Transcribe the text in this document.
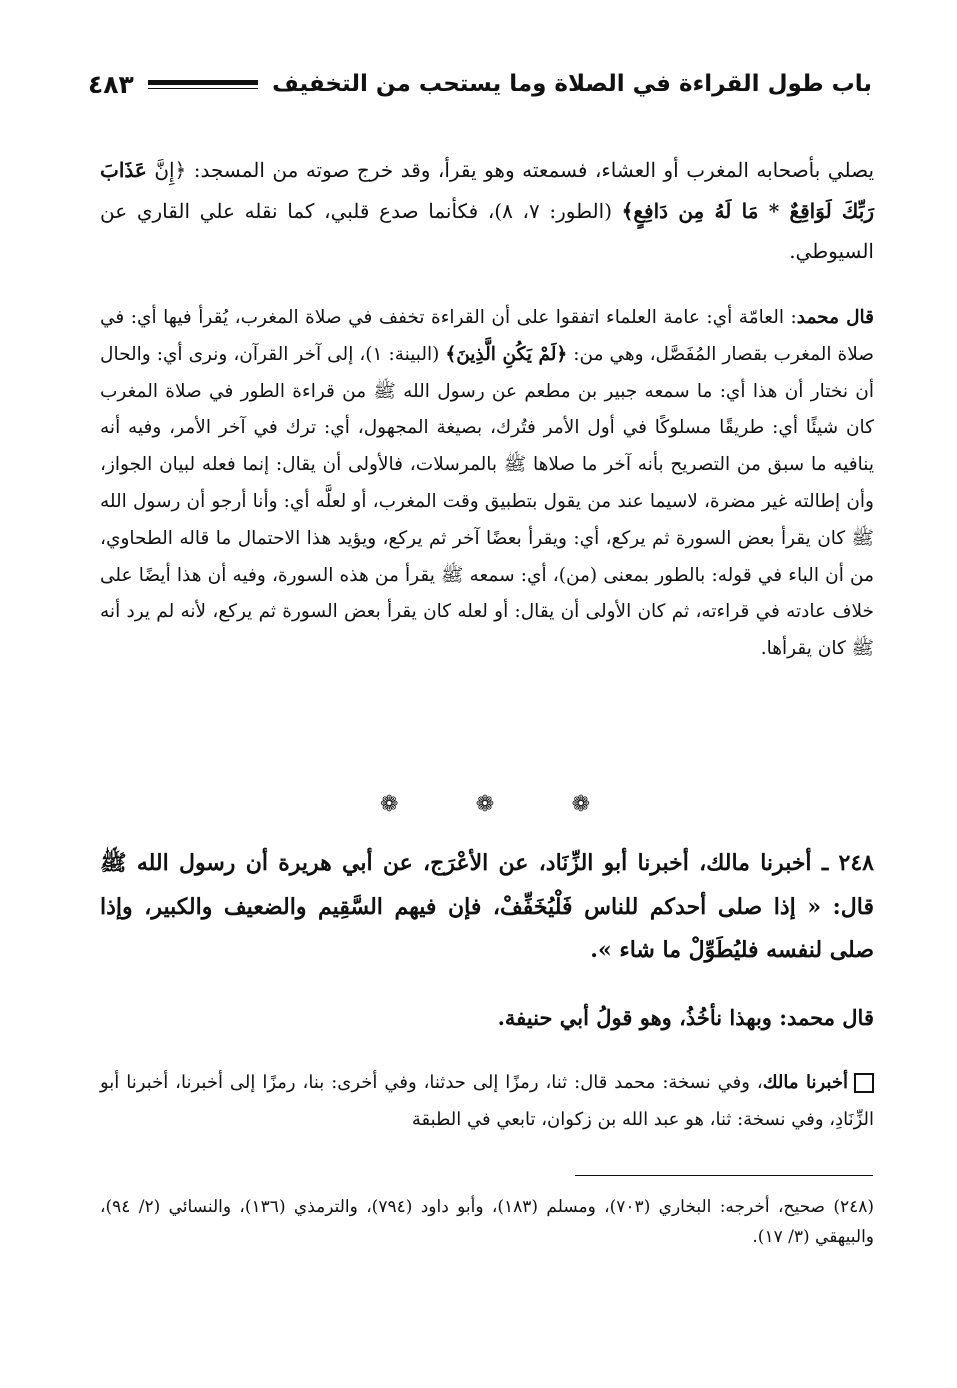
باب طول القراءة في الصلاة وما يستحب من التخفيف
٤٨٣
يصلي بأصحابه المغرب أو العشاء، فسمعته وهو يقرأ، وقد خرج صوته من المسجد: ﴿إِنَّ عَذَابَ رَبِّكَ لَوَاقِعٌ * مَا لَهُ مِن دَافِعٍ﴾ (الطور: ٧، ٨)، فكأنما صدع قلبي، كما نقله علي القاري عن السيوطي.
قال محمد: العامّة أي: عامة العلماء اتفقوا على أن القراءة تخفف في صلاة المغرب، يُقرأ فيها أي: في صلاة المغرب بقصار المُفَصَّل، وهي من: ﴿لَمْ يَكُنِ الَّذِينَ﴾ (البينة: ١)، إلى آخر القرآن، ونرى أي: والحال أن نختار أن هذا أي: ما سمعه جبير بن مطعم عن رسول الله ﷺ من قراءة الطور في صلاة المغرب كان شيئًا أي: طريقًا مسلوكًا في أول الأمر فتُرك، بصيغة المجهول، أي: ترك في آخر الأمر، وفيه أنه ينافيه ما سبق من التصريح بأنه آخر ما صلاها ﷺ بالمرسلات، فالأولى أن يقال: إنما فعله لبيان الجواز، وأن إطالته غير مضرة، لاسيما عند من يقول بتطبيق وقت المغرب، أو لعلَّه أي: وأنا أرجو أن رسول الله ﷺ كان يقرأ بعض السورة ثم يركع، أي: ويقرأ بعضًا آخر ثم يركع، ويؤيد هذا الاحتمال ما قاله الطحاوي، من أن الباء في قوله: بالطور بمعنى (من)، أي: سمعه ﷺ يقرأ من هذه السورة، وفيه أن هذا أيضًا على خلاف عادته في قراءته، ثم كان الأولى أن يقال: أو لعله كان يقرأ بعض السورة ثم يركع، لأنه لم يرد أنه ﷺ كان يقرأها.
❁	❁	❁
٢٤٨ ـ أخبرنا مالك، أخبرنا أبو الزِّنَاد، عن الأعْرَج، عن أبي هريرة أن رسول الله ﷺ قال: « إذا صلى أحدكم للناس فَلْيُخَفِّفْ، فإن فيهم السَّقِيم والضعيف والكبير، وإذا صلى لنفسه فليُطَوِّلْ ما شاء ».
قال محمد: وبهذا نأخُذُ، وهو قولُ أبي حنيفة.
أخبرنا مالك، وفي نسخة: محمد قال: ثنا، رمزًا إلى حدثنا، وفي أخرى: بنا، رمزًا إلى أخبرنا، أخبرنا أبو الزِّنَادِ، وفي نسخة: ثنا، هو عبد الله بن زكوان، تابعي في الطبقة
(٢٤٨) صحيح، أخرجه: البخاري (٧٠٣)، ومسلم (١٨٣)، وأبو داود (٧٩٤)، والترمذي (١٣٦)، والنسائي (٢/ ٩٤)، والبيهقي (٣/ ١٧).
